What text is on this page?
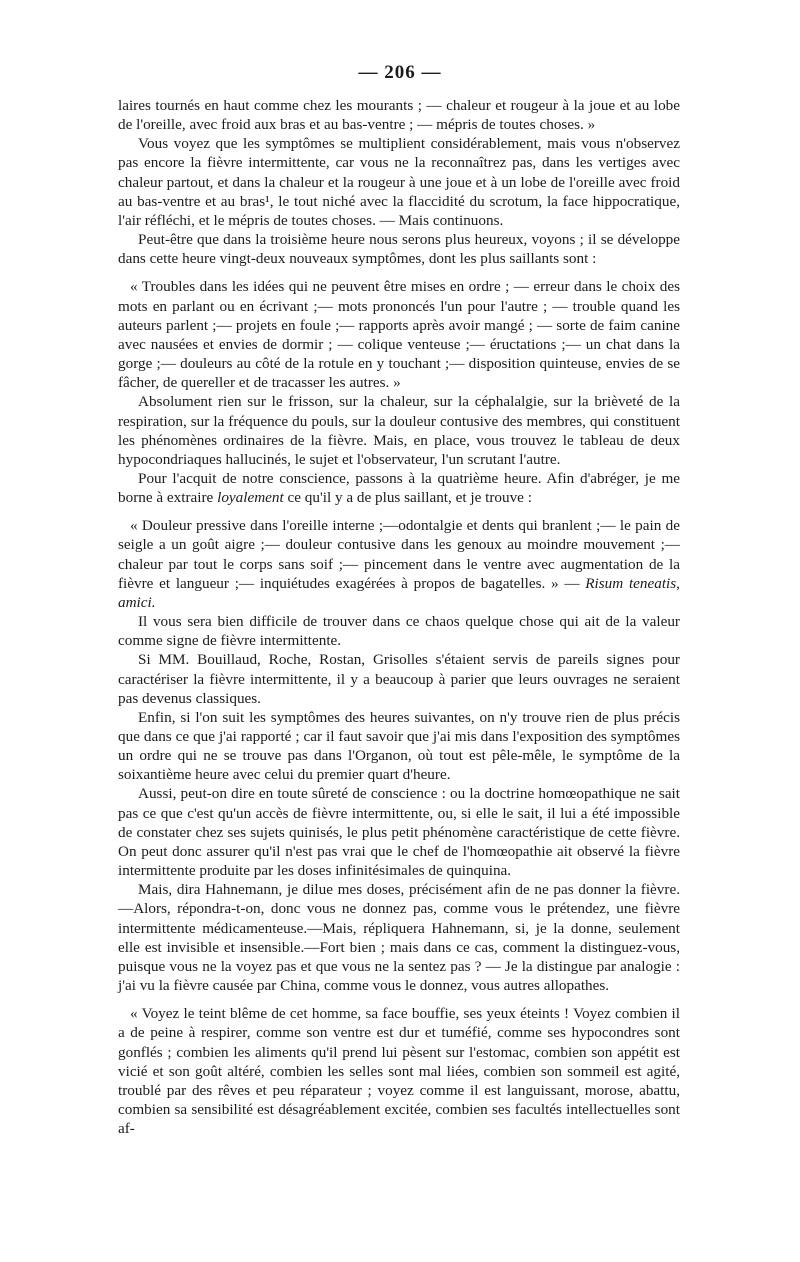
— 206 —

laires tournés en haut comme chez les mourants ; — chaleur et rougeur à la joue et au lobe de l'oreille, avec froid aux bras et au bas-ventre ; — mépris de toutes choses. »

Vous voyez que les symptômes se multiplient considérablement, mais vous n'observez pas encore la fièvre intermittente, car vous ne la reconnaîtrez pas, dans les vertiges avec chaleur partout, et dans la chaleur et la rougeur à une joue et à un lobe de l'oreille avec froid au bas-ventre et au bras¹, le tout niché avec la flaccidité du scrotum, la face hippocratique, l'air réfléchi, et le mépris de toutes choses. — Mais continuons.

Peut-être que dans la troisième heure nous serons plus heureux, voyons ; il se développe dans cette heure vingt-deux nouveaux symptômes, dont les plus saillants sont :

« Troubles dans les idées qui ne peuvent être mises en ordre ; — erreur dans le choix des mots en parlant ou en écrivant ;— mots prononcés l'un pour l'autre ; — trouble quand les auteurs parlent ;— projets en foule ;— rapports après avoir mangé ; — sorte de faim canine avec nausées et envies de dormir ; — colique venteuse ;— éructations ;— un chat dans la gorge ;— douleurs au côté de la rotule en y touchant ;— disposition quinteuse, envies de se fâcher, de quereller et de tracasser les autres. »

Absolument rien sur le frisson, sur la chaleur, sur la céphalalgie, sur la brièveté de la respiration, sur la fréquence du pouls, sur la douleur contusive des membres, qui constituent les phénomènes ordinaires de la fièvre. Mais, en place, vous trouvez le tableau de deux hypocondriaques hallucinés, le sujet et l'observateur, l'un scrutant l'autre.

Pour l'acquit de notre conscience, passons à la quatrième heure. Afin d'abréger, je me borne à extraire loyalement ce qu'il y a de plus saillant, et je trouve :

« Douleur pressive dans l'oreille interne ;—odontalgie et dents qui branlent ;— le pain de seigle a un goût aigre ;— douleur contusive dans les genoux au moindre mouvement ;— chaleur par tout le corps sans soif ;— pincement dans le ventre avec augmentation de la fièvre et langueur ;— inquiétudes exagérées à propos de bagatelles. » — Risum teneatis, amici.

Il vous sera bien difficile de trouver dans ce chaos quelque chose qui ait de la valeur comme signe de fièvre intermittente.

Si MM. Bouillaud, Roche, Rostan, Grisolles s'étaient servis de pareils signes pour caractériser la fièvre intermittente, il y a beaucoup à parier que leurs ouvrages ne seraient pas devenus classiques.

Enfin, si l'on suit les symptômes des heures suivantes, on n'y trouve rien de plus précis que dans ce que j'ai rapporté ; car il faut savoir que j'ai mis dans l'exposition des symptômes un ordre qui ne se trouve pas dans l'Organon, où tout est pêle-mêle, le symptôme de la soixantième heure avec celui du premier quart d'heure.

Aussi, peut-on dire en toute sûreté de conscience : ou la doctrine homœopathique ne sait pas ce que c'est qu'un accès de fièvre intermittente, ou, si elle le sait, il lui a été impossible de constater chez ses sujets quinisés, le plus petit phénomène caractéristique de cette fièvre. On peut donc assurer qu'il n'est pas vrai que le chef de l'homœopathie ait observé la fièvre intermittente produite par les doses infinitésimales de quinquina.

Mais, dira Hahnemann, je dilue mes doses, précisément afin de ne pas donner la fièvre.—Alors, répondra-t-on, donc vous ne donnez pas, comme vous le prétendez, une fièvre intermittente médicamenteuse.—Mais, répliquera Hahnemann, si, je la donne, seulement elle est invisible et insensible.—Fort bien ; mais dans ce cas, comment la distinguez-vous, puisque vous ne la voyez pas et que vous ne la sentez pas ? — Je la distingue par analogie : j'ai vu la fièvre causée par China, comme vous le donnez, vous autres allopathes.

« Voyez le teint blême de cet homme, sa face bouffie, ses yeux éteints ! Voyez combien il a de peine à respirer, comme son ventre est dur et tuméfié, comme ses hypocondres sont gonflés ; combien les aliments qu'il prend lui pèsent sur l'estomac, combien son appétit est vicié et son goût altéré, combien les selles sont mal liées, combien son sommeil est agité, troublé par des rêves et peu réparateur ; voyez comme il est languissant, morose, abattu, combien sa sensibilité est désagréablement excitée, combien ses facultés intellectuelles sont af-
